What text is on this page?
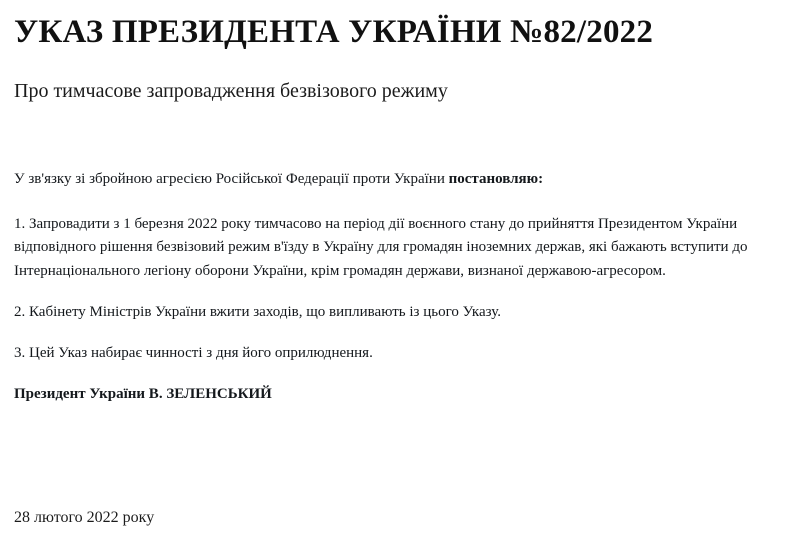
УКАЗ ПРЕЗИДЕНТА УКРАЇНИ №82/2022
Про тимчасове запровадження безвізового режиму

У зв'язку зі збройною агресією Російської Федерації проти України постановляю:

1. Запровадити з 1 березня 2022 року тимчасово на період дії воєнного стану до прийняття Президентом України відповідного рішення безвізовий режим в'їзду в Україну для громадян іноземних держав, які бажають вступити до Інтернаціонального легіону оборони України, крім громадян держави, визнаної державою-агресором.

2. Кабінету Міністрів України вжити заходів, що випливають із цього Указу.

3. Цей Указ набирає чинності з дня його оприлюднення.

Президент України В. ЗЕЛЕНСЬКИЙ

28 лютого 2022 року
